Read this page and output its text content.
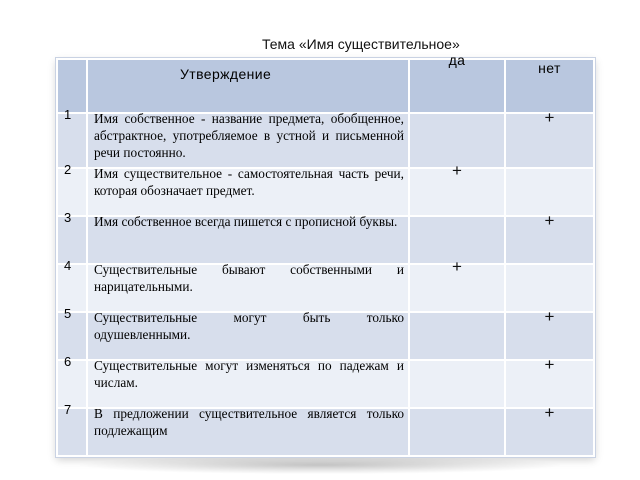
Тема «Имя существительное»

	Утверждение	да	нет

1	Имя собственное - название предмета, обобщенное, абстрактное, употребляемое в устной и письменной речи постоянно.		+

2	Имя существительное - самостоятельная часть речи, которая обозначает предмет.	+	

3	Имя собственное всегда пишется с прописной буквы.		+

4	Существительные бывают собственными и нарицательными.	+	

5	Существительные могут быть только одушевленными.		+

6	Существительные могут изменяться по падежам и числам.		+

7	В предложении существительное является только подлежащим		+
